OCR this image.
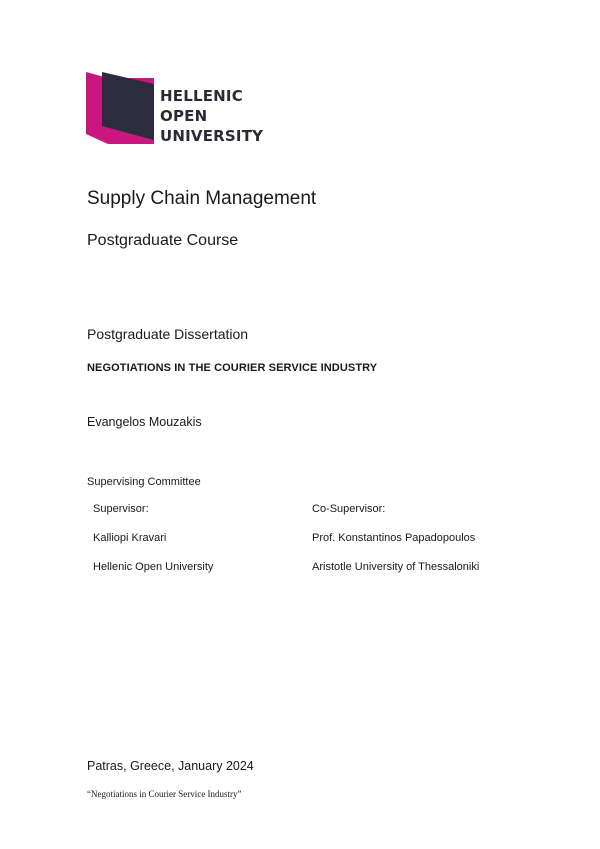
HELLENIC
OPEN
UNIVERSITY
Supply Chain Management
Postgraduate Course
Postgraduate Dissertation
NEGOTIATIONS IN THE COURIER SERVICE INDUSTRY
Evangelos Mouzakis
Supervising Committee
Supervisor:
Kalliopi Kravari
Hellenic Open University
Co-Supervisor:
Prof. Konstantinos Papadopoulos
Aristotle University of Thessaloniki
Patras, Greece, January 2024
“Negotiations in Courier Service Industry”
